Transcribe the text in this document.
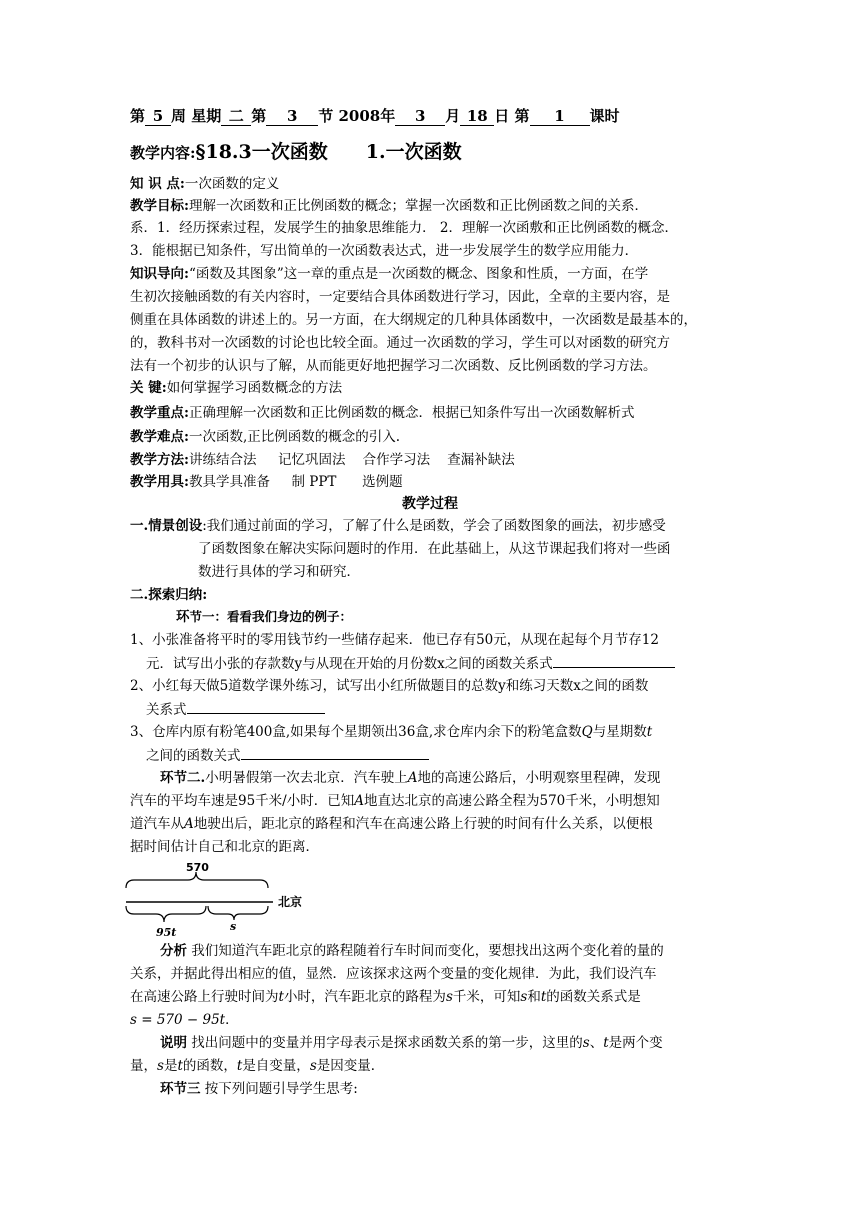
第 5 周 星期 二 第 3 节 2008年 3 月 18 日 第 1 课时
教学内容:§18.3一次函数 1.一次函数
知 识 点:一次函数的定义
教学目标:理解一次函数和正比例函数的概念；掌握一次函数和正比例函数之间的关系．
系．1．经历探索过程，发展学生的抽象思维能力． 2．理解一次函敷和正比例函数的概念．
3．能根据已知条件，写出简单的一次函数表达式，进一步发展学生的数学应用能力．
知识导向:“函数及其图象”这一章的重点是一次函数的概念、图象和性质，一方面，在学
生初次接触函数的有关内容时，一定要结合具体函数进行学习，因此，全章的主要内容，是
侧重在具体函数的讲述上的。另一方面，在大纲规定的几种具体函数中，一次函数是最基本的，
的，教科书对一次函数的讨论也比较全面。通过一次函数的学习，学生可以对函数的研究方
法有一个初步的认识与了解，从而能更好地把握学习二次函数、反比例函数的学习方法。
关 键:如何掌握学习函数概念的方法
教学重点:正确理解一次函数和正比例函数的概念．根据已知条件写出一次函数解析式
教学难点:一次函数,正比例函数的概念的引入.
教学方法:讲练结合法     记忆巩固法    合作学习法    查漏补缺法
教学用具:教具学具准备     制 PPT      选例题
教学过程
一.情景创设:我们通过前面的学习，了解了什么是函数，学会了函数图象的画法，初步感受
了函数图象在解决实际问题时的作用．在此基础上，从这节课起我们将对一些函
数进行具体的学习和研究．
二.探索归纳:
环节一：看看我们身边的例子：
1、小张准备将平时的零用钱节约一些储存起来．他已存有50元，从现在起每个月节存12
元．试写出小张的存款数y与从现在开始的月份数x之间的函数关系式
2、小红每天做5道数学课外练习，试写出小红所做题目的总数y和练习天数x之间的函数
关系式
3、仓库内原有粉笔400盒,如果每个星期领出36盒,求仓库内余下的粉笔盒数Q与星期数t
之间的函数关式
环节二.小明暑假第一次去北京．汽车驶上A地的高速公路后，小明观察里程碑，发现
汽车的平均车速是95千米/小时．已知A地直达北京的高速公路全程为570千米，小明想知
道汽车从A地驶出后，距北京的路程和汽车在高速公路上行驶的时间有什么关系，以便根
据时间估计自己和北京的距离．
570
北京
95t	s
分析 我们知道汽车距北京的路程随着行车时间而变化，要想找出这两个变化着的量的
关系，并据此得出相应的值，显然．应该探求这两个变量的变化规律．为此，我们设汽车
在高速公路上行驶时间为t小时，汽车距北京的路程为s千米，可知s和t的函数关系式是
s = 570 − 95t．
说明 找出问题中的变量并用字母表示是探求函数关系的第一步，这里的s、t是两个变
量，s是t的函数，t是自变量，s是因变量．
环节三 按下列问题引导学生思考:
